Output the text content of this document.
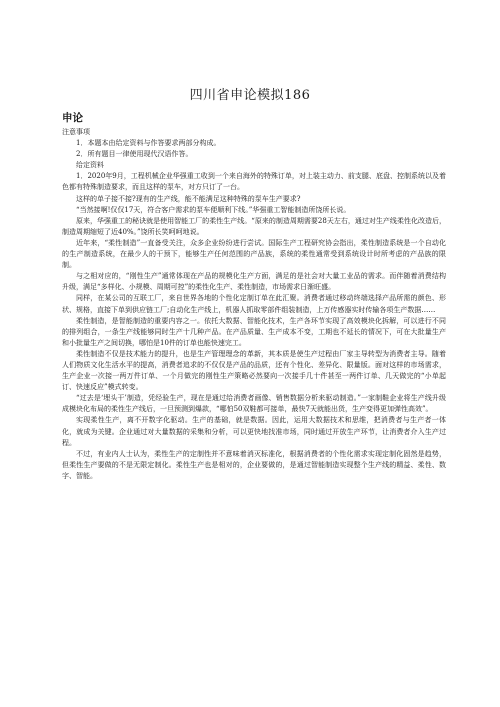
四川省申论模拟186
申论

注意事项

1．本题本由给定资料与作答要求两部分构成。

2．所有题目一律使用现代汉语作答。

给定资料

1．2020年9月，工程机械企业华强重工收到一个来自海外的特殊订单，对上装主动力、前支腿、底盘、控制系统以及着色都有特殊制造要求，而且这样的泵车，对方只订了一台。

这样的单子接不接?现有的生产线，能不能满足这种特殊的泵车生产要求?

“当然接啊!仅仅17天，符合客户需求的泵车便顺利下线。”华强重工智能制造所饶所长说。

原来，华强重工的秘诀就是使用智能工厂的柔性生产线。“原来的制造周期需要28天左右，通过对生产线柔性化改造后，制造周期缩短了近40%。”饶所长笑呵呵地说。

近年来，“柔性制造”一直备受关注，众多企业纷纷进行尝试。国际生产工程研究协会指出，柔性制造系统是一个自动化的生产制造系统，在最少人的干预下，能够生产任何范围的产品族，系统的柔性通常受到系统设计时所考虑的产品族的限制。

与之相对应的，“刚性生产”通常体现在产品的规模化生产方面，满足的是社会对大量工业品的需求。而伴随着消费结构升级，满足“多样化、小规模、周期可控”的柔性化生产、柔性制造，市场需求日渐旺盛。

同样，在某公司的互联工厂，来自世界各地的个性化定制订单在此汇聚。消费者通过移动终端选择产品所需的颜色、形状、规格，直接下单到供应链工厂;自动化生产线上，机器人抓取零部件组装制造，上万传感器实时传输各项生产数据……

柔性制造，是智能制造的重要内容之一。依托大数据、智能化技术，生产各环节实现了高效模块化拆解，可以进行不同的排列组合，一条生产线能够同时生产十几种产品。在产品质量、生产成本不变，工期也不延长的情况下，可在大批量生产和小批量生产之间切换，哪怕是10件的订单也能快速完工。

柔性制造不仅是技术能力的提升，也是生产管理理念的革新，其本质是使生产过程由厂家主导转型为消费者主导。随着人们物质文化生活水平的提高，消费者追求的不仅仅是产品的品质，还有个性化、差异化、限量版。面对这样的市场需求，生产企业一次接一两万件订单、一个月做完的刚性生产策略必然要向一次接手几十件甚至一两件订单、几天做完的“小单起订、快速反应”模式转变。

“过去是‘埋头干’制造，凭经验生产，现在是通过给消费者画像、销售数据分析来驱动制造。”一家制鞋企业将生产线升级成模块化布局的柔性生产线后，一旦预测到爆款，“哪怕50双鞋都可接单，最快7天就能出货，生产变得更加弹性高效”。

实现柔性生产，离不开数字化驱动。生产的基础，就是数据。因此，运用大数据技术和思维，把消费者与生产者一体化，就成为关键。企业通过对大量数据的采集和分析，可以更快地找准市场，同时通过开放生产环节，让消费者介入生产过程。

不过，有业内人士认为，柔性生产的定制性并不意味着消灭标准化，根据消费者的个性化需求实现定制化固然是趋势，但柔性生产要做的不是无限定制化。柔性生产也是相对的，企业要做的，是通过智能制造实现整个生产线的精益、柔性、数字、智能。
